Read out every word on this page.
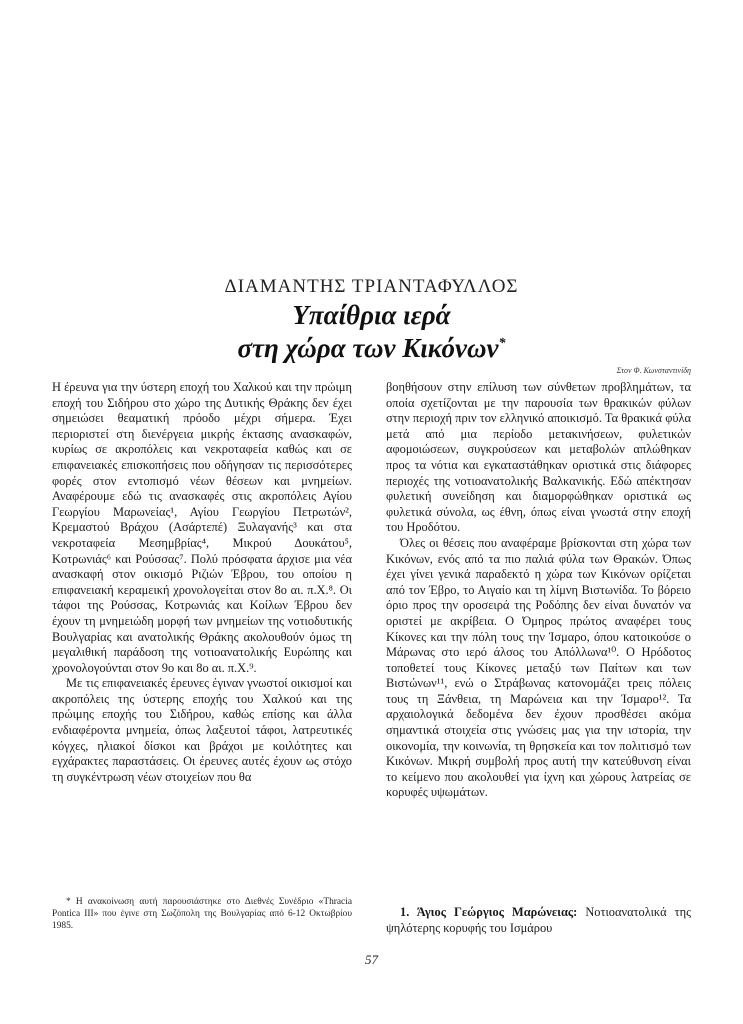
ΔΙΑΜΑΝΤΗΣ ΤΡΙΑΝΤΑΦΥΛΛΟΣ
Υπαίθρια ιερά
στη χώρα των Κικόνων*
Στον Φ. Κωνσταντινίδη

Η έρευνα για την ύστερη εποχή του Χαλκού και την πρώιμη εποχή του Σιδήρου στο χώρο της Δυτικής Θράκης δεν έχει σημειώσει θεαματική πρόοδο μέχρι σήμερα. Έχει περιοριστεί στη διενέργεια μικρής έκτασης ανασκαφών, κυρίως σε ακροπόλεις και νεκροταφεία καθώς και σε επιφανειακές επισκοπήσεις που οδήγησαν τις περισσότερες φορές στον εντοπισμό νέων θέσεων και μνημείων. Αναφέρουμε εδώ τις ανασκαφές στις ακροπόλεις Αγίου Γεωργίου Μαρωνείας¹, Αγίου Γεωργίου Πετρωτών², Κρεμαστού Βράχου (Ασάρτεπέ) Ξυλαγανής³ και στα νεκροταφεία Μεσημβρίας⁴, Μικρού Δουκάτου⁵, Κοτρωνιάς⁶ και Ρούσσας⁷. Πολύ πρόσφατα άρχισε μια νέα ανασκαφή στον οικισμό Ριζιών Έβρου, του οποίου η επιφανειακή κεραμεική χρονολογείται στον 8ο αι. π.Χ.⁸. Οι τάφοι της Ρούσσας, Κοτρωνιάς και Κοίλων Έβρου δεν έχουν τη μνημειώδη μορφή των μνημείων της νοτιοδυτικής Βουλγαρίας και ανατολικής Θράκης ακολουθούν όμως τη μεγαλιθική παράδοση της νοτιοανατολικής Ευρώπης και χρονολογούνται στον 9ο και 8ο αι. π.Χ.⁹.

Με τις επιφανειακές έρευνες έγιναν γνωστοί οικισμοί και ακροπόλεις της ύστερης εποχής του Χαλκού και της πρώιμης εποχής του Σιδήρου, καθώς επίσης και άλλα ενδιαφέροντα μνημεία, όπως λαξευτοί τάφοι, λατρευτικές κόγχες, ηλιακοί δίσκοι και βράχοι με κοιλότητες και εγχάρακτες παραστάσεις. Οι έρευνες αυτές έχουν ως στόχο τη συγκέντρωση νέων στοιχείων που θα

βοηθήσουν στην επίλυση των σύνθετων προβλημάτων, τα οποία σχετίζονται με την παρουσία των θρακικών φύλων στην περιοχή πριν τον ελληνικό αποικισμό. Τα θρακικά φύλα μετά από μια περίοδο μετακινήσεων, φυλετικών αφομοιώσεων, συγκρούσεων και μεταβολών απλώθηκαν προς τα νότια και εγκαταστάθηκαν οριστικά στις διάφορες περιοχές της νοτιοανατολικής Βαλκανικής. Εδώ απέκτησαν φυλετική συνείδηση και διαμορφώθηκαν οριστικά ως φυλετικά σύνολα, ως έθνη, όπως είναι γνωστά στην εποχή του Ηροδότου.

Όλες οι θέσεις που αναφέραμε βρίσκονται στη χώρα των Κικόνων, ενός από τα πιο παλιά φύλα των Θρακών. Όπως έχει γίνει γενικά παραδεκτό η χώρα των Κικόνων ορίζεται από τον Έβρο, το Αιγαίο και τη λίμνη Βιστωνίδα. Το βόρειο όριο προς την οροσειρά της Ροδόπης δεν είναι δυνατόν να οριστεί με ακρίβεια. Ο Όμηρος πρώτος αναφέρει τους Κίκονες και την πόλη τους την Ίσμαρο, όπου κατοικούσε ο Μάρωνας στο ιερό άλσος του Απόλλωνα¹⁰. Ο Ηρόδοτος τοποθετεί τους Κίκονες μεταξύ των Παίτων και των Βιστώνων¹¹, ενώ ο Στράβωνας κατονομάζει τρεις πόλεις τους τη Ξάνθεια, τη Μαρώνεια και την Ίσμαρο¹². Τα αρχαιολογικά δεδομένα δεν έχουν προσθέσει ακόμα σημαντικά στοιχεία στις γνώσεις μας για την ιστορία, την οικονομία, την κοινωνία, τη θρησκεία και τον πολιτισμό των Κικόνων. Μικρή συμβολή προς αυτή την κατεύθυνση είναι το κείμενο που ακολουθεί για ίχνη και χώρους λατρείας σε κορυφές υψωμάτων.

* Η ανακοίνωση αυτή παρουσιάστηκε στο Διεθνές Συνέδριο «Thracia Pontica III» που έγινε στη Σωζόπολη της Βουλγαρίας από 6-12 Οκτωβρίου 1985.

1. Άγιος Γεώργιος Μαρώνειας: Νοτιοανατολικά της ψηλότερης κορυφής του Ισμάρου

57
